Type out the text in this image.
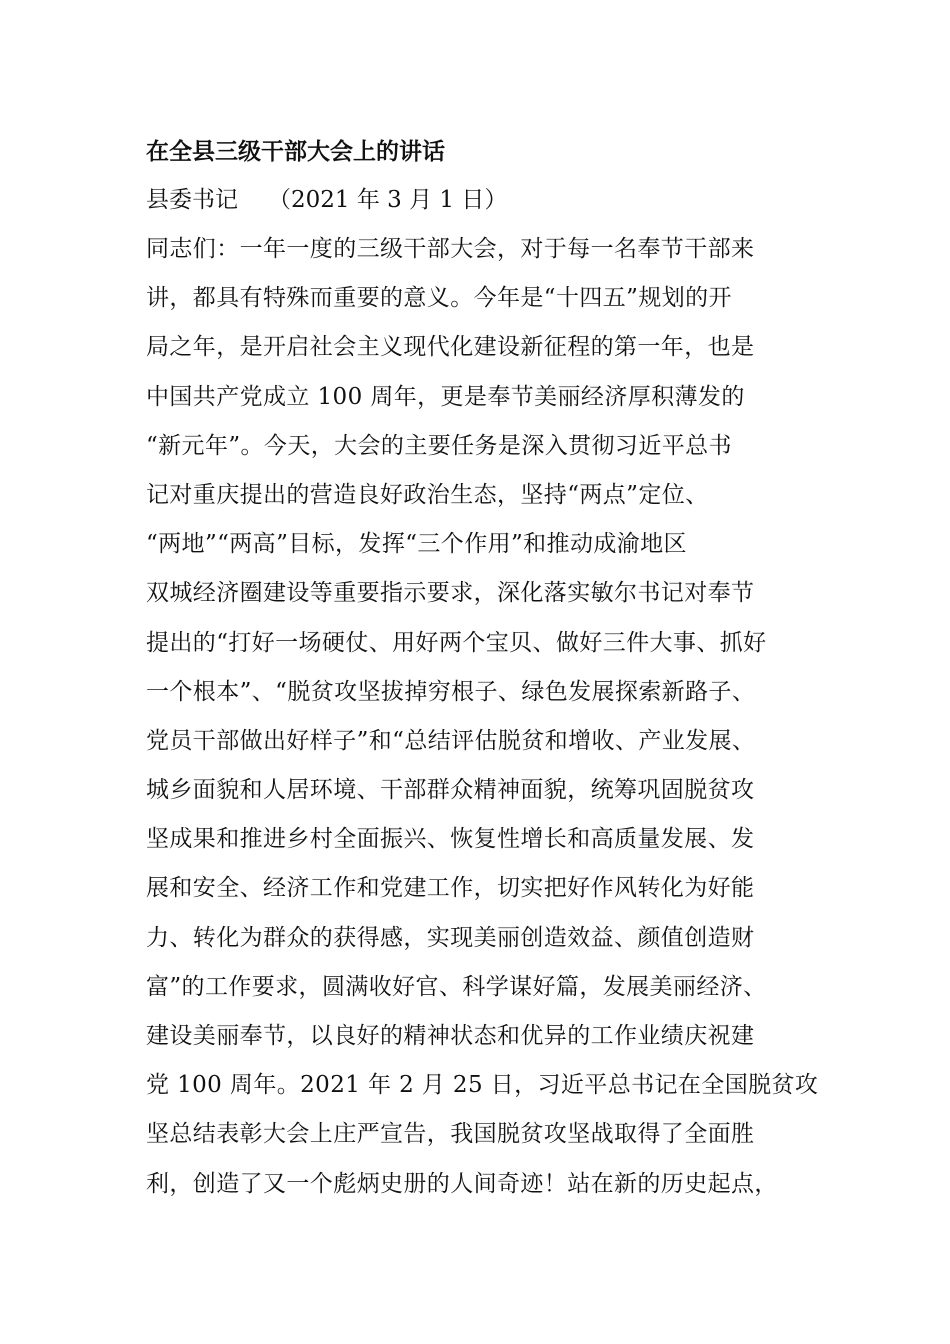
在全县三级干部大会上的讲话
县委书记 （2021 年 3 月 1 日）
同志们：一年一度的三级干部大会，对于每一名奉节干部来
讲，都具有特殊而重要的意义。今年是“十四五”规划的开
局之年，是开启社会主义现代化建设新征程的第一年，也是
中国共产党成立 100 周年，更是奉节美丽经济厚积薄发的
“新元年”。今天，大会的主要任务是深入贯彻习近平总书
记对重庆提出的营造良好政治生态，坚持“两点”定位、
“两地”“两高”目标，发挥“三个作用”和推动成渝地区
双城经济圈建设等重要指示要求，深化落实敏尔书记对奉节
提出的“打好一场硬仗、用好两个宝贝、做好三件大事、抓好
一个根本”、“脱贫攻坚拔掉穷根子、绿色发展探索新路子、
党员干部做出好样子”和“总结评估脱贫和增收、产业发展、
城乡面貌和人居环境、干部群众精神面貌，统筹巩固脱贫攻
坚成果和推进乡村全面振兴、恢复性增长和高质量发展、发
展和安全、经济工作和党建工作，切实把好作风转化为好能
力、转化为群众的获得感，实现美丽创造效益、颜值创造财
富”的工作要求，圆满收好官、科学谋好篇，发展美丽经济、
建设美丽奉节，以良好的精神状态和优异的工作业绩庆祝建
党 100 周年。2021 年 2 月 25 日，习近平总书记在全国脱贫攻
坚总结表彰大会上庄严宣告，我国脱贫攻坚战取得了全面胜
利，创造了又一个彪炳史册的人间奇迹！站在新的历史起点，
